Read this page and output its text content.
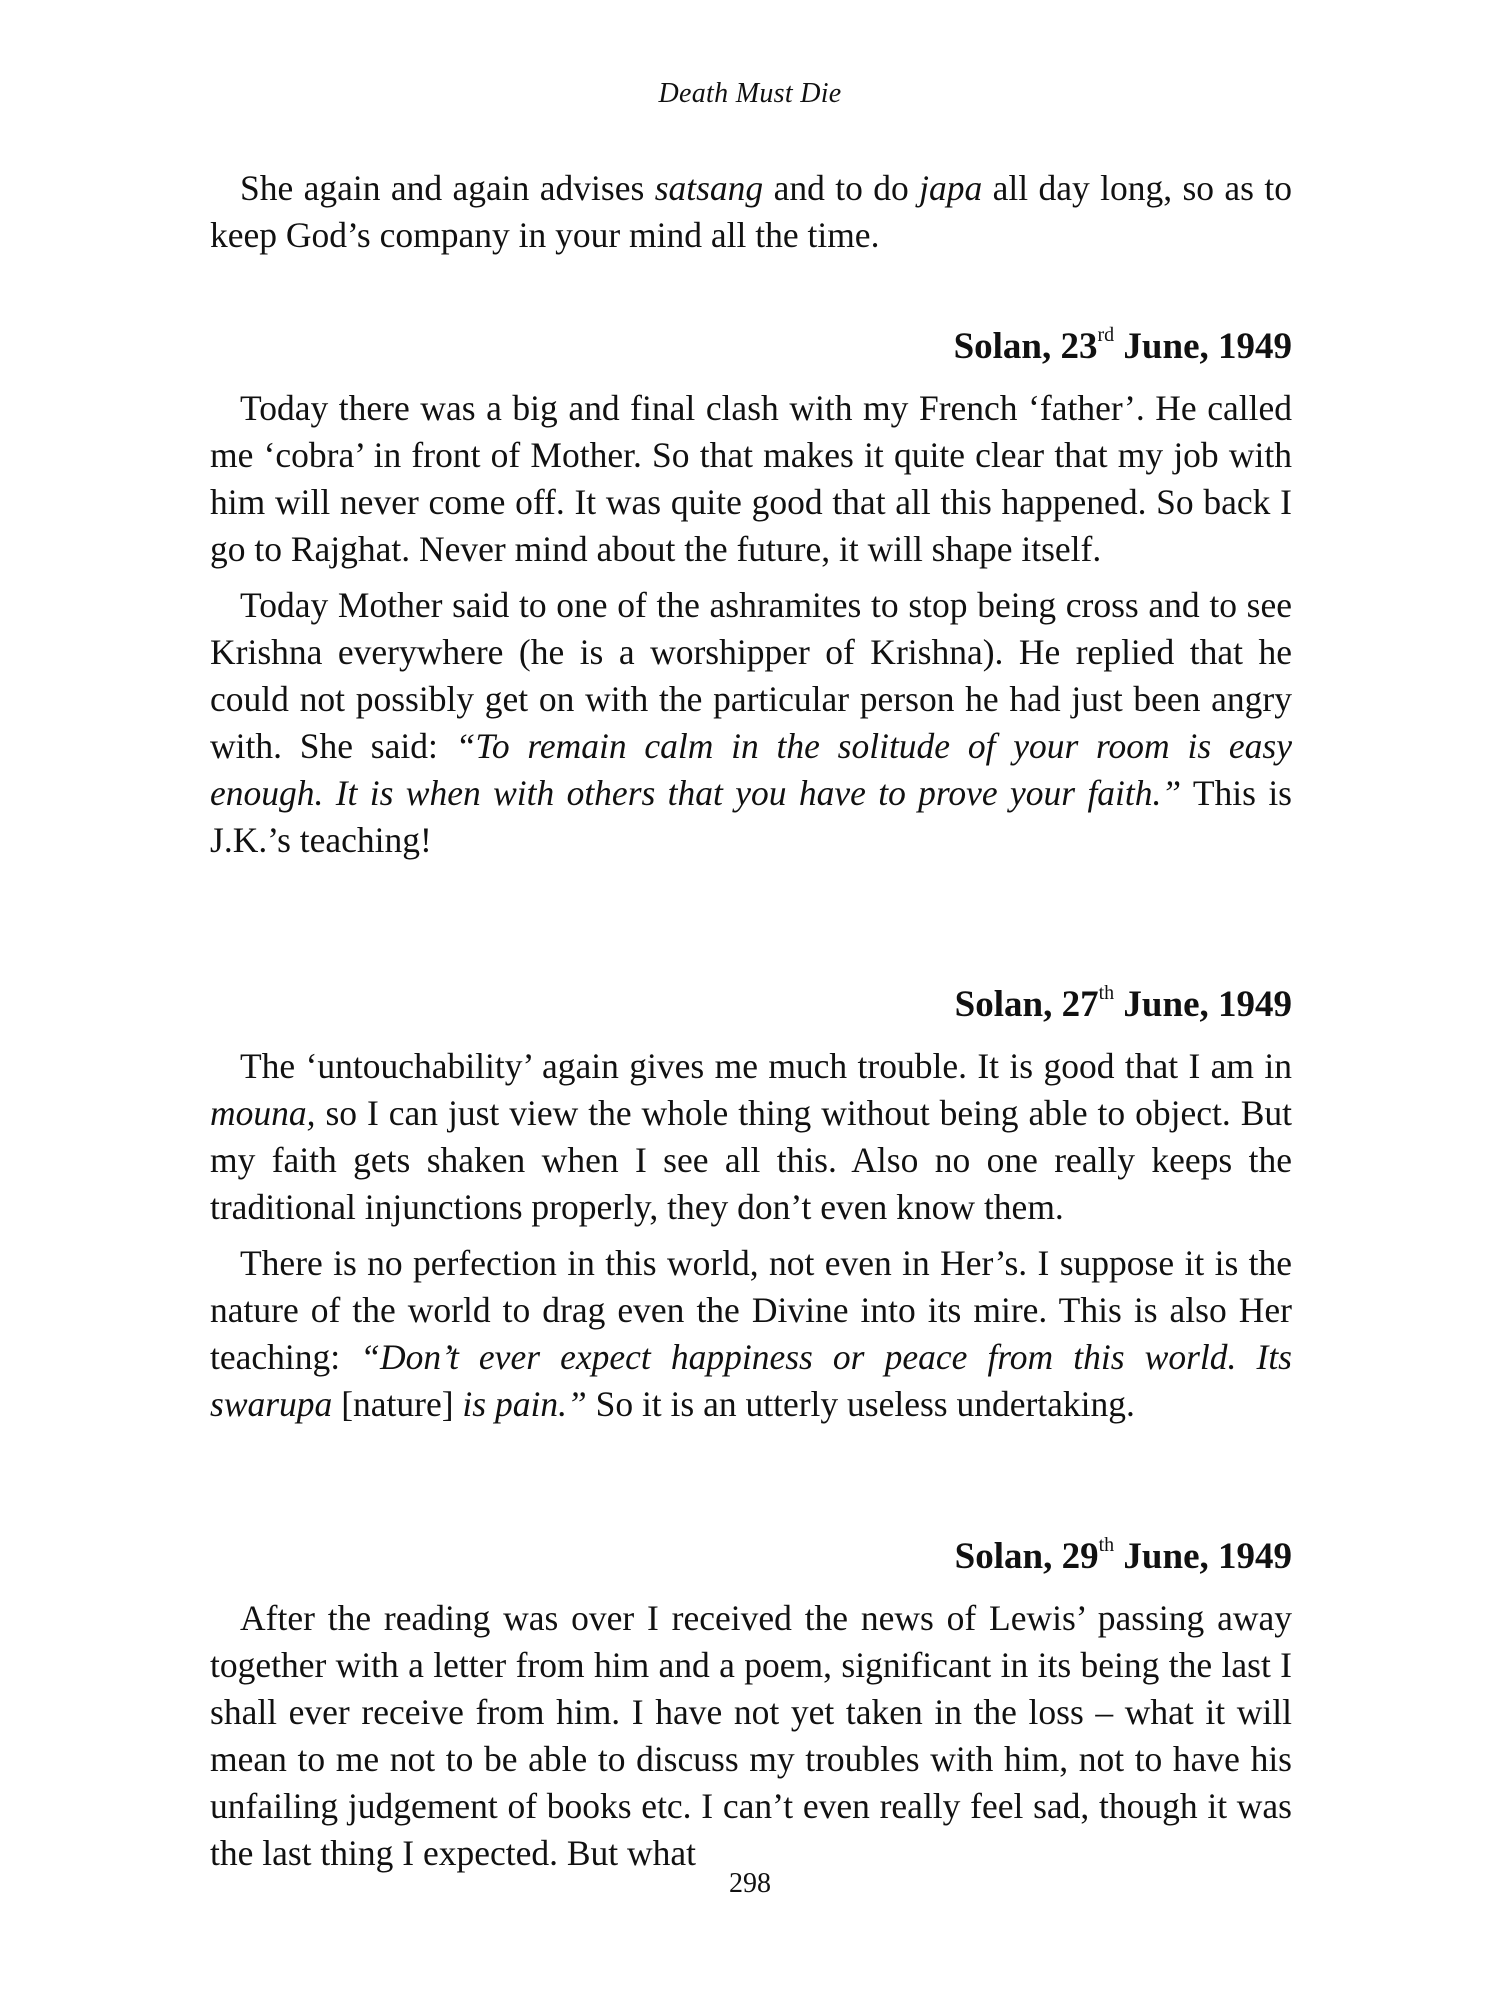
Death Must Die

She again and again advises satsang and to do japa all day long, so as to keep God’s company in your mind all the time.

Solan, 23rd June, 1949

Today there was a big and final clash with my French ‘father’. He called me ‘cobra’ in front of Mother. So that makes it quite clear that my job with him will never come off. It was quite good that all this happened. So back I go to Rajghat. Never mind about the future, it will shape itself.

Today Mother said to one of the ashramites to stop being cross and to see Krishna everywhere (he is a worshipper of Krishna). He replied that he could not possibly get on with the particular person he had just been angry with. She said: “To remain calm in the solitude of your room is easy enough. It is when with others that you have to prove your faith.” This is J.K.’s teaching!

Solan, 27th June, 1949

The ‘untouchability’ again gives me much trouble. It is good that I am in mouna, so I can just view the whole thing without being able to object. But my faith gets shaken when I see all this. Also no one really keeps the traditional injunctions properly, they don’t even know them.

There is no perfection in this world, not even in Her’s. I suppose it is the nature of the world to drag even the Divine into its mire. This is also Her teaching: “Don’t ever expect happiness or peace from this world. Its swarupa [nature] is pain.” So it is an utterly useless undertaking.

Solan, 29th June, 1949

After the reading was over I received the news of Lewis’ passing away together with a letter from him and a poem, significant in its being the last I shall ever receive from him. I have not yet taken in the loss – what it will mean to me not to be able to discuss my troubles with him, not to have his unfailing judgement of books etc. I can’t even really feel sad, though it was the last thing I expected. But what

298
